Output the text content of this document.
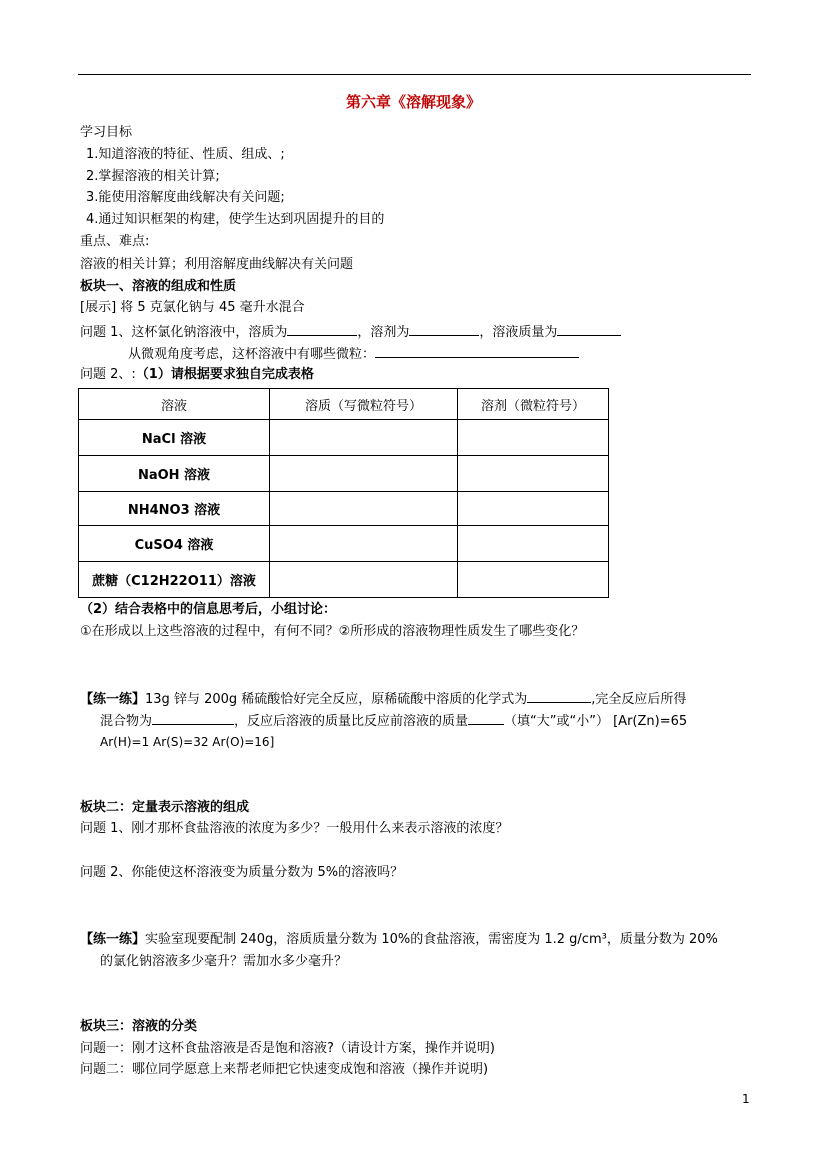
第六章《溶解现象》
学习目标
1.知道溶液的特征、性质、组成、;
2.掌握溶液的相关计算;
3.能使用溶解度曲线解决有关问题;
4.通过知识框架的构建，使学生达到巩固提升的目的
重点、难点:
溶液的相关计算；利用溶解度曲线解决有关问题
板块一、溶液的组成和性质
[展示] 将 5 克氯化钠与 45 毫升水混合
问题 1、这杯氯化钠溶液中，溶质为	，溶剂为	，溶液质量为
从微观角度考虑，这杯溶液中有哪些微粒：
问题 2、:（1）请根据要求独自完成表格
溶液	溶质（写微粒符号）	溶剂（微粒符号）
NaCl 溶液		
NaOH 溶液		
NH4NO3 溶液		
CuSO4 溶液		
蔗糖（C12H22O11）溶液		
（2）结合表格中的信息思考后，小组讨论：
①在形成以上这些溶液的过程中，有何不同？②所形成的溶液物理性质发生了哪些变化？
【练一练】13g 锌与 200g 稀硫酸恰好完全反应，原稀硫酸中溶质的化学式为	,完全反应后所得
混合物为	，反应后溶液的质量比反应前溶液的质量	（填“大”或“小”） [Ar(Zn)=65
Ar(H)=1 Ar(S)=32 Ar(O)=16]
板块二：定量表示溶液的组成
问题 1、刚才那杯食盐溶液的浓度为多少？一般用什么来表示溶液的浓度？
问题 2、你能使这杯溶液变为质量分数为 5%的溶液吗？
【练一练】实验室现要配制 240g，溶质质量分数为 10%的食盐溶液，需密度为 1.2 g/cm³，质量分数为 20%
的氯化钠溶液多少毫升？需加水多少毫升？
板块三：溶液的分类
问题一：刚才这杯食盐溶液是否是饱和溶液?（请设计方案，操作并说明)
问题二：哪位同学愿意上来帮老师把它快速变成饱和溶液（操作并说明)
1
